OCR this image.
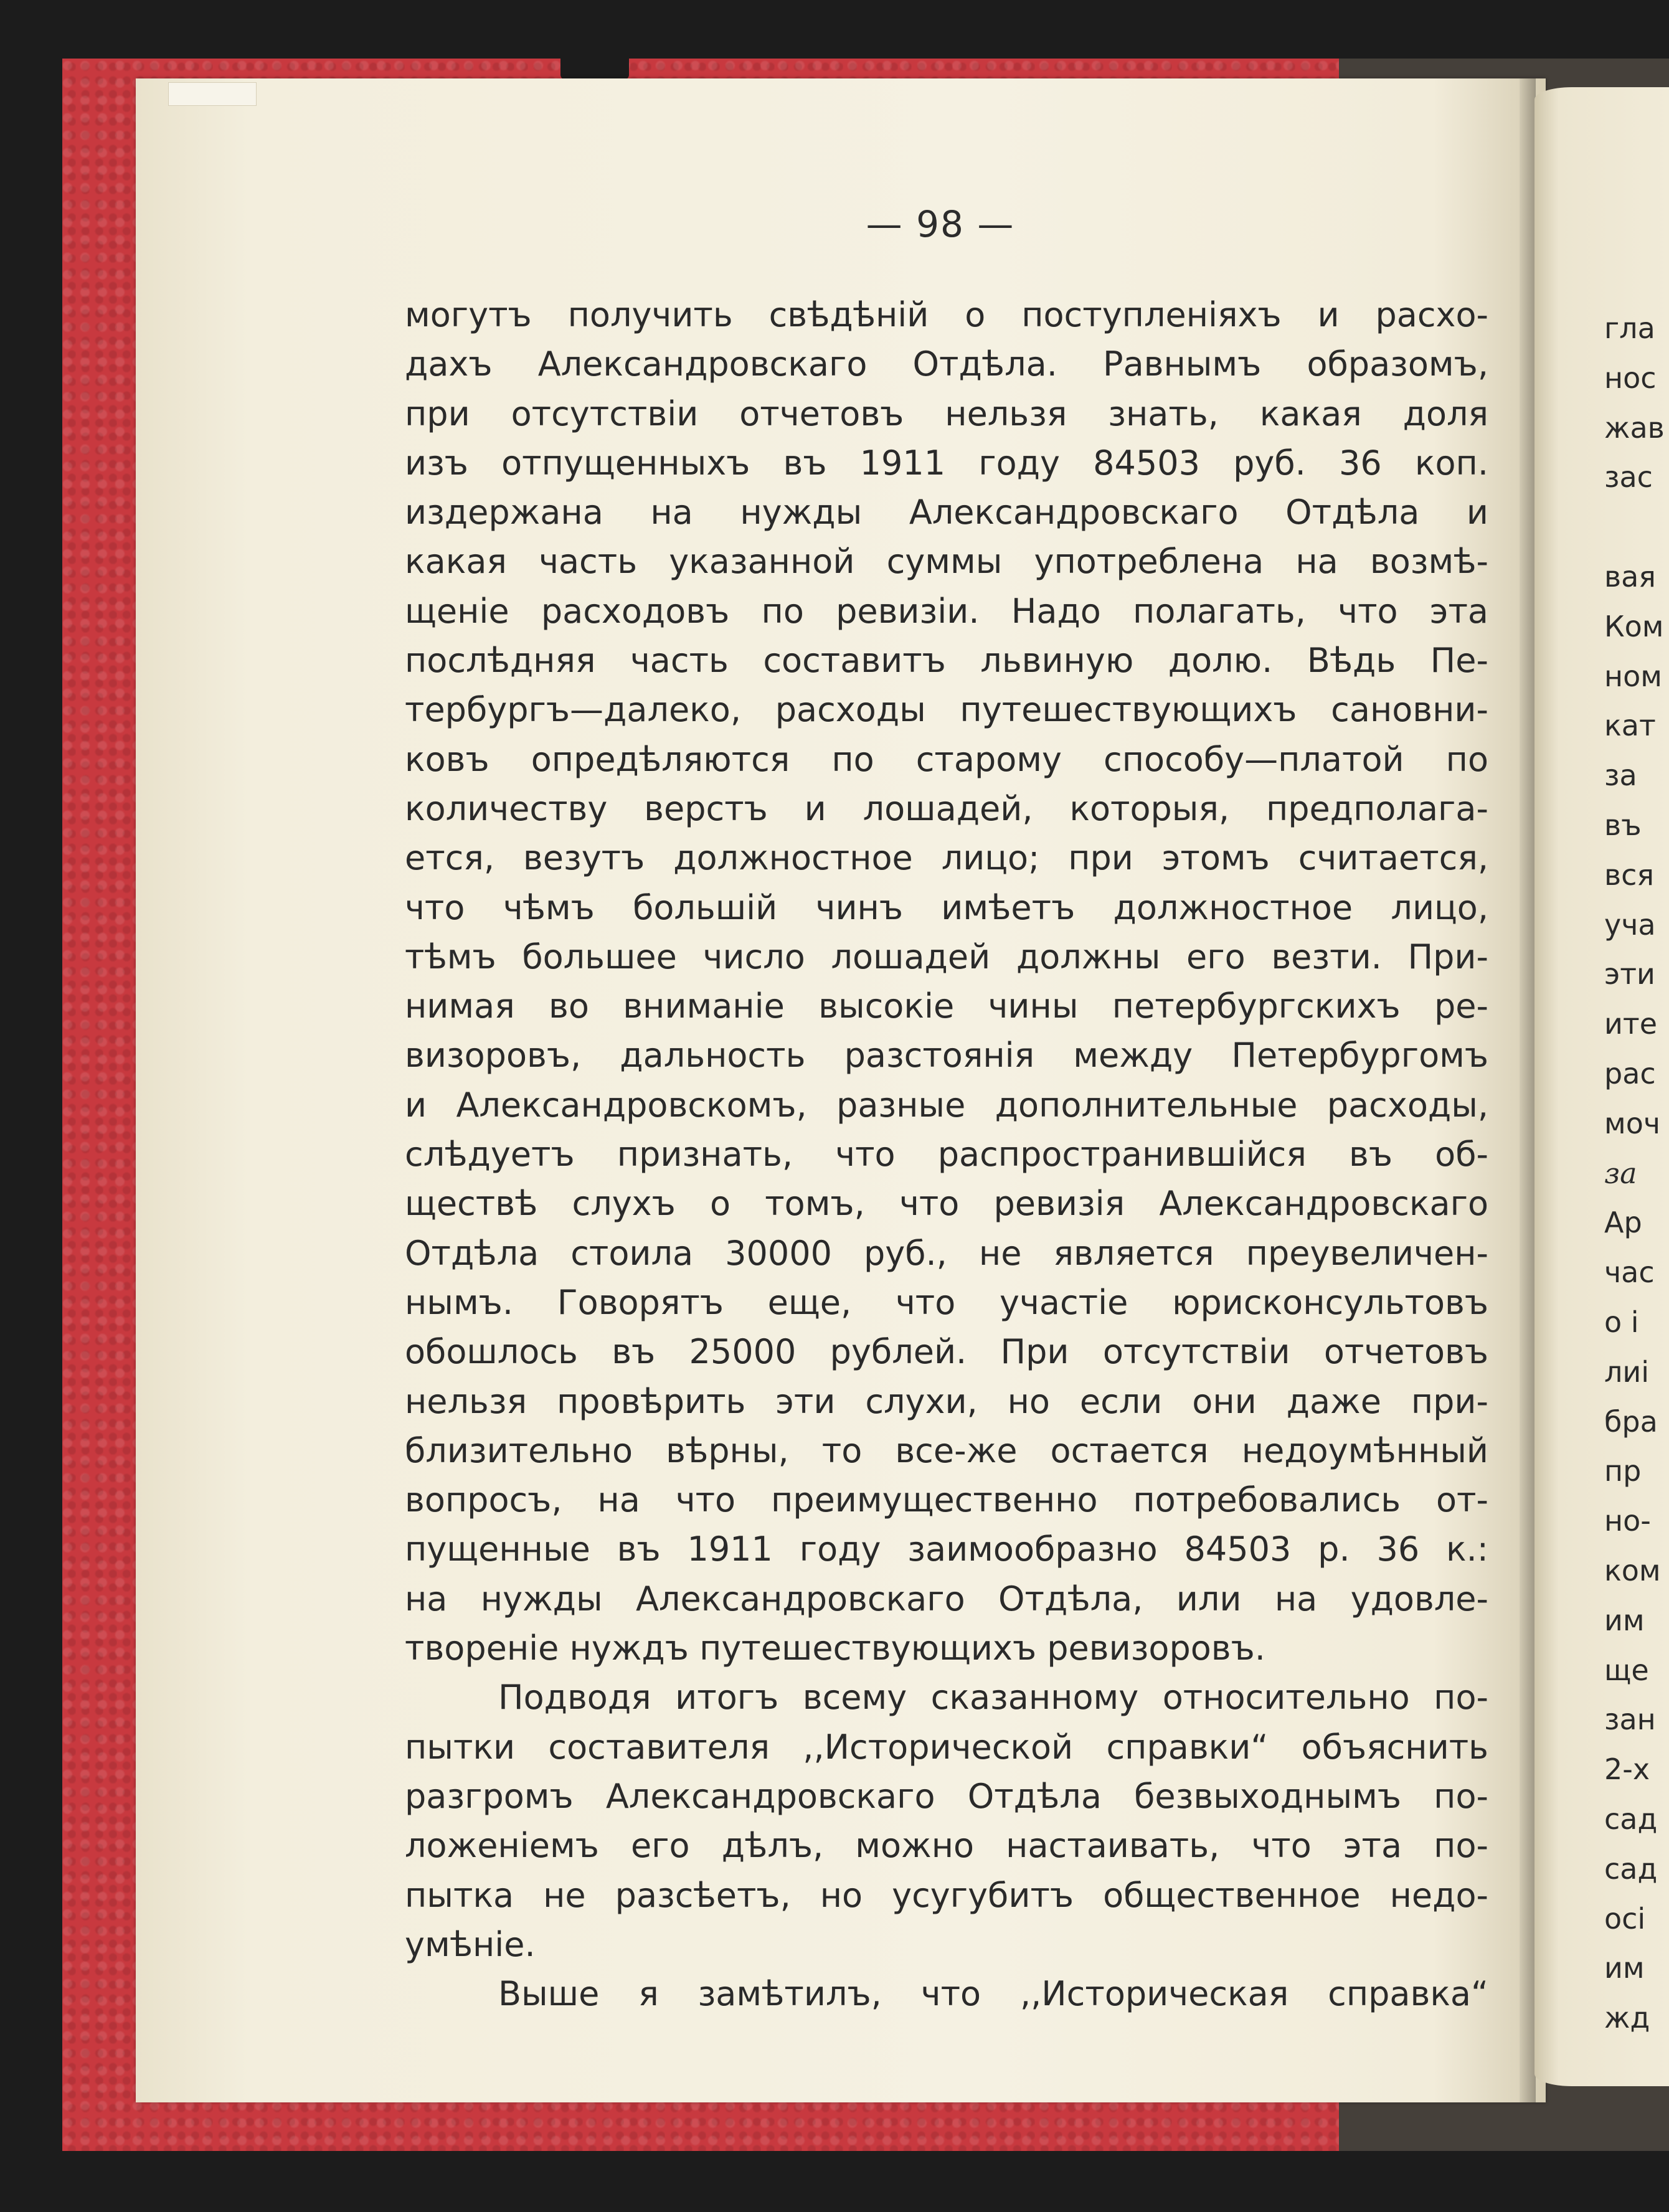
— 98 —
могутъ получить свѣдѣній о поступленіяхъ и расхо-
дахъ Александровскаго Отдѣла. Равнымъ образомъ,
при отсутствіи отчетовъ нельзя знать, какая доля
изъ отпущенныхъ въ 1911 году 84503 руб. 36 коп.
издержана на нужды Александровскаго Отдѣла и
какая часть указанной суммы употреблена на возмѣ-
щеніе расходовъ по ревизіи. Надо полагать, что эта
послѣдняя часть составитъ львиную долю. Вѣдь Пе-
тербургъ—далеко, расходы путешествующихъ сановни-
ковъ опредѣляются по старому способу—платой по
количеству верстъ и лошадей, которыя, предполага-
ется, везутъ должностное лицо; при этомъ считается,
что чѣмъ большій чинъ имѣетъ должностное лицо,
тѣмъ большее число лошадей должны его везти. При-
нимая во вниманіе высокіе чины петербургскихъ ре-
визоровъ, дальность разстоянія между Петербургомъ
и Александровскомъ, разные дополнительные расходы,
слѣдуетъ признать, что распространившійся въ об-
ществѣ слухъ о томъ, что ревизія Александровскаго
Отдѣла стоила 30000 руб., не является преувеличен-
нымъ. Говорятъ еще, что участіе юрисконсультовъ
обошлось въ 25000 рублей. При отсутствіи отчетовъ
нельзя провѣрить эти слухи, но если они даже при-
близительно вѣрны, то все-же остается недоумѣнный
вопросъ, на что преимущественно потребовались от-
пущенные въ 1911 году заимообразно 84503 р. 36 к.:
на нужды Александровскаго Отдѣла, или на удовле-
твореніе нуждъ путешествующихъ ревизоровъ.
Подводя итогъ всему сказанному относительно по-
пытки составителя ,,Исторической справки“ объяснить
разгромъ Александровскаго Отдѣла безвыходнымъ по-
ложеніемъ его дѣлъ, можно настаивать, что эта по-
пытка не разсѣетъ, но усугубитъ общественное недо-
умѣніе.
Выше я замѣтилъ, что ,,Историческая справка“
гла
нос
жав
зас
вая
Ком
ном
кат
за
въ
вся
уча
эти
ите
рас
моч
за
Ар
час
о і
лиі
бра
пр
но-
ком
им
ще
зан
2-х
сад
сад
осі
им
жд
